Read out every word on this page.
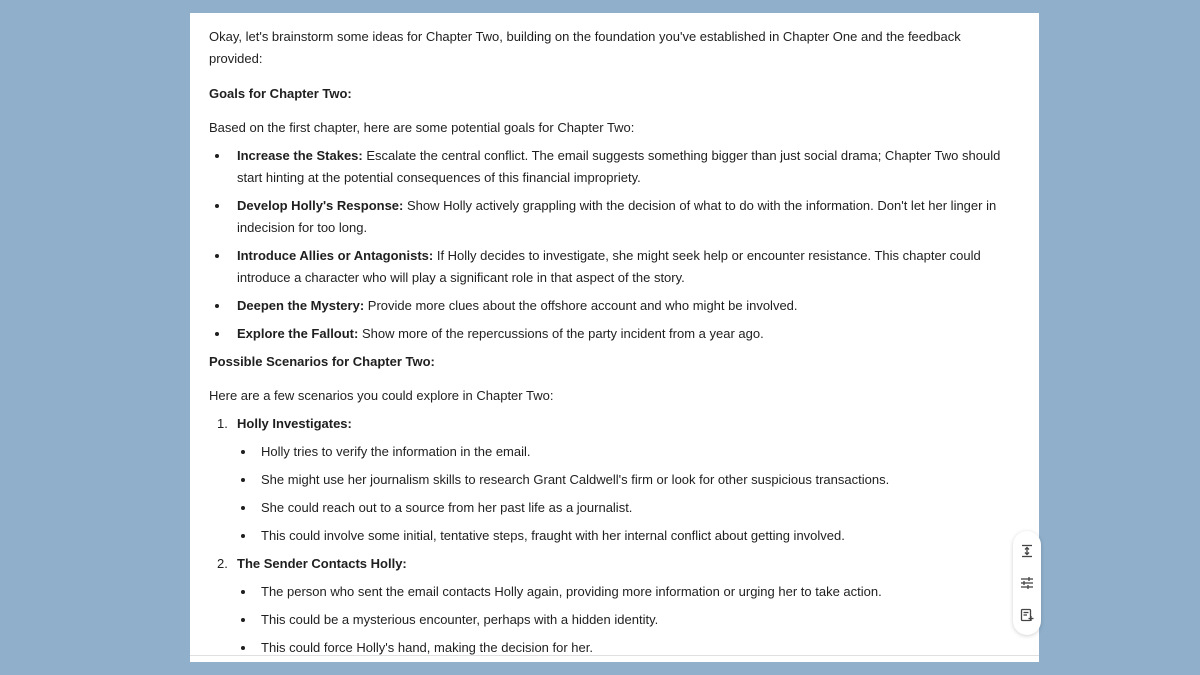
Okay, let's brainstorm some ideas for Chapter Two, building on the foundation you've established in Chapter One and the feedback provided:

Goals for Chapter Two:

Based on the first chapter, here are some potential goals for Chapter Two:

Increase the Stakes: Escalate the central conflict. The email suggests something bigger than just social drama; Chapter Two should start hinting at the potential consequences of this financial impropriety.
Develop Holly's Response: Show Holly actively grappling with the decision of what to do with the information. Don't let her linger in indecision for too long.
Introduce Allies or Antagonists: If Holly decides to investigate, she might seek help or encounter resistance. This chapter could introduce a character who will play a significant role in that aspect of the story.
Deepen the Mystery: Provide more clues about the offshore account and who might be involved.
Explore the Fallout: Show more of the repercussions of the party incident from a year ago.

Possible Scenarios for Chapter Two:

Here are a few scenarios you could explore in Chapter Two:

1. Holly Investigates:
Holly tries to verify the information in the email.
She might use her journalism skills to research Grant Caldwell's firm or look for other suspicious transactions.
She could reach out to a source from her past life as a journalist.
This could involve some initial, tentative steps, fraught with her internal conflict about getting involved.
2. The Sender Contacts Holly:
The person who sent the email contacts Holly again, providing more information or urging her to take action.
This could be a mysterious encounter, perhaps with a hidden identity.
This could force Holly's hand, making the decision for her.
